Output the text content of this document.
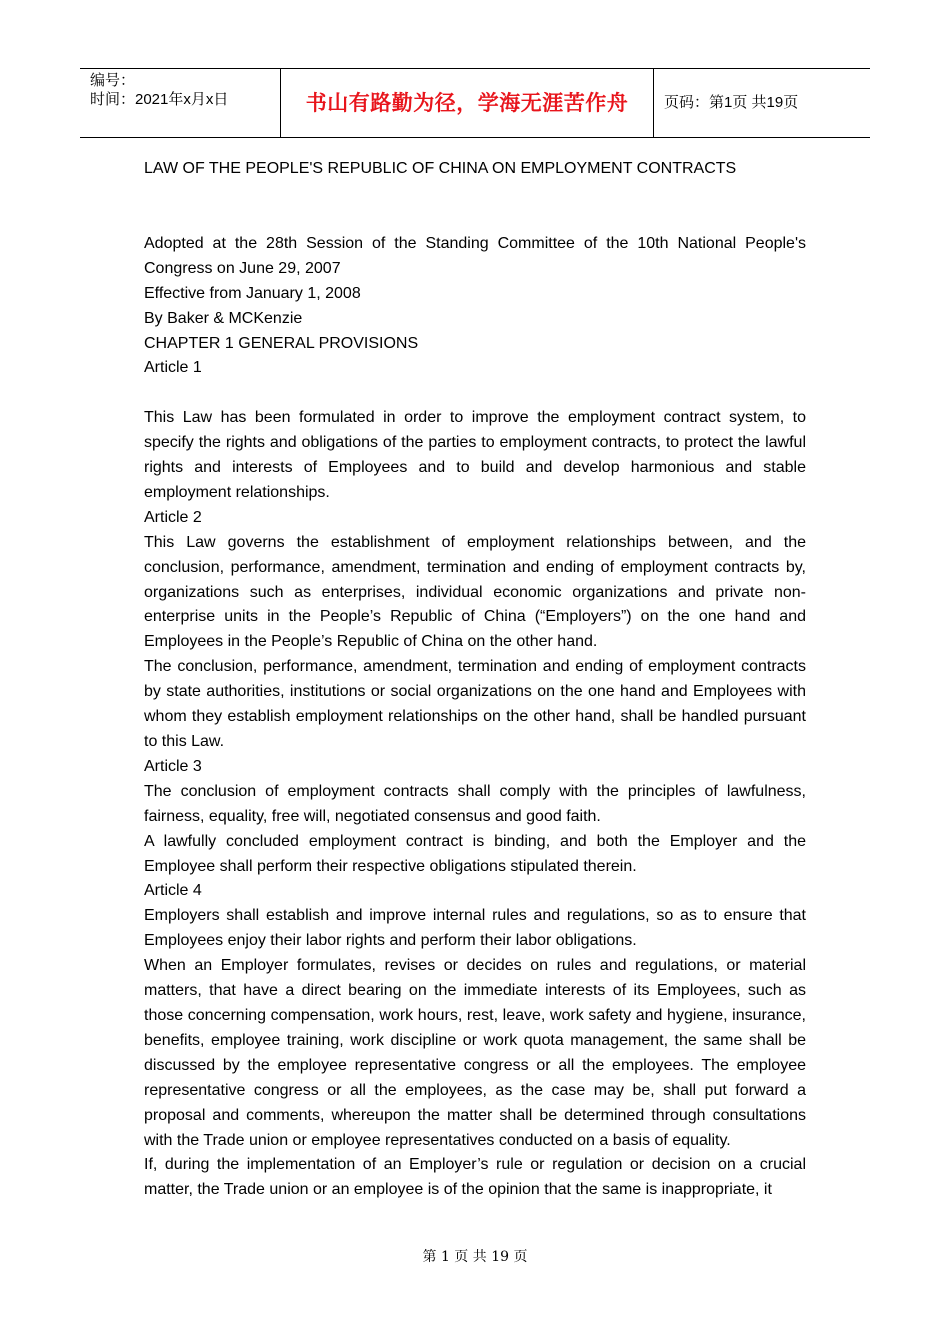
编号：
时间：2021年x月x日	书山有路勤为径，学海无涯苦作舟	页码：第1页 共19页

LAW OF THE PEOPLE'S REPUBLIC OF CHINA ON EMPLOYMENT CONTRACTS

Adopted at the 28th Session of the Standing Committee of the 10th National People's Congress on June 29, 2007

Effective from January 1, 2008

By Baker & MCKenzie

CHAPTER 1 GENERAL PROVISIONS

Article 1

This Law has been formulated in order to improve the employment contract system, to specify the rights and obligations of the parties to employment contracts, to protect the lawful rights and interests of Employees and to build and develop harmonious and stable employment relationships.

Article 2

This Law governs the establishment of employment relationships between, and the conclusion, performance, amendment, termination and ending of employment contracts by, organizations such as enterprises, individual economic organizations and private non-enterprise units in the People’s Republic of China (“Employers”) on the one hand and Employees in the People’s Republic of China on the other hand.

The conclusion, performance, amendment, termination and ending of employment contracts by state authorities, institutions or social organizations on the one hand and Employees with whom they establish employment relationships on the other hand, shall be handled pursuant to this Law.

Article 3

The conclusion of employment contracts shall comply with the principles of lawfulness, fairness, equality, free will, negotiated consensus and good faith.

A lawfully concluded employment contract is binding, and both the Employer and the Employee shall perform their respective obligations stipulated therein.

Article 4

Employers shall establish and improve internal rules and regulations, so as to ensure that Employees enjoy their labor rights and perform their labor obligations.

When an Employer formulates, revises or decides on rules and regulations, or material matters, that have a direct bearing on the immediate interests of its Employees, such as those concerning compensation, work hours, rest, leave, work safety and hygiene, insurance, benefits, employee training, work discipline or work quota management, the same shall be discussed by the employee representative congress or all the employees. The employee representative congress or all the employees, as the case may be, shall put forward a proposal and comments, whereupon the matter shall be determined through consultations with the Trade union or employee representatives conducted on a basis of equality.

If, during the implementation of an Employer’s rule or regulation or decision on a crucial matter, the Trade union or an employee is of the opinion that the same is inappropriate, it

第 1 页 共 19 页
